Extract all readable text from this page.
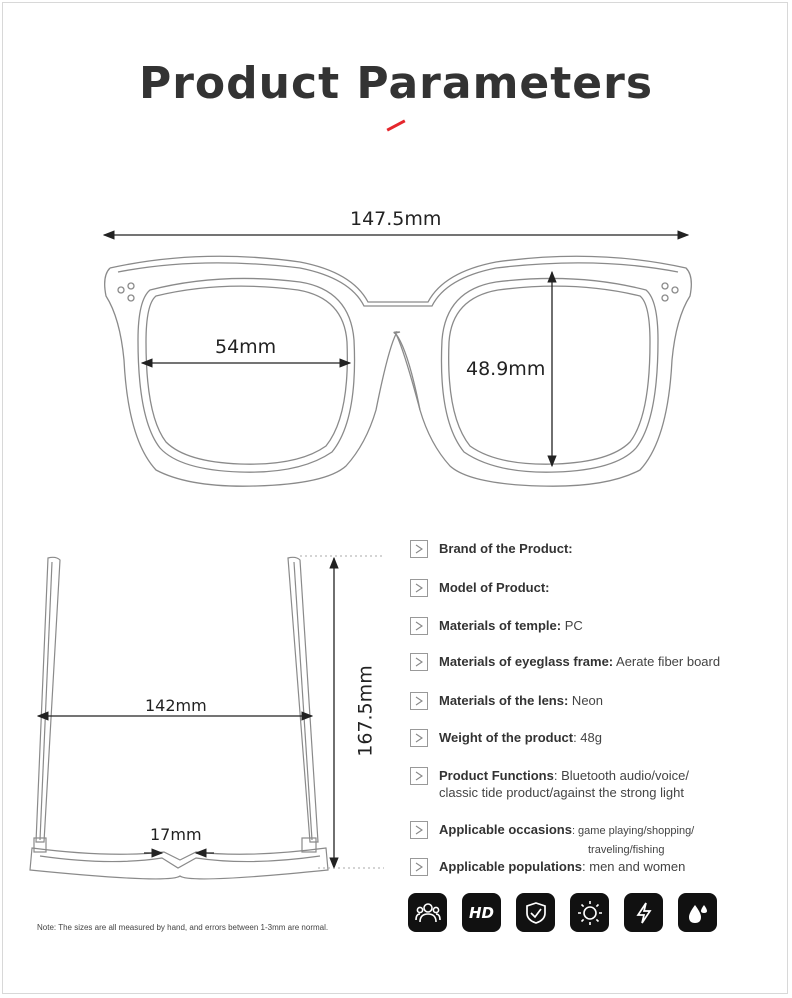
Product Parameters
147.5mm
54mm
48.9mm
142mm	167.5mm
17mm
Brand of the Product:
Model of Product:
Materials of temple: PC
Materials of eyeglass frame: Aerate fiber board
Materials of the lens: Neon
Weight of the product: 48g
Product Functions: Bluetooth audio/voice/
classic tide product/against the strong light
Applicable occasions: game playing/shopping/
traveling/fishing
Applicable populations: men and women
Note: The sizes are all measured by hand, and errors between 1-3mm are normal.
HD
